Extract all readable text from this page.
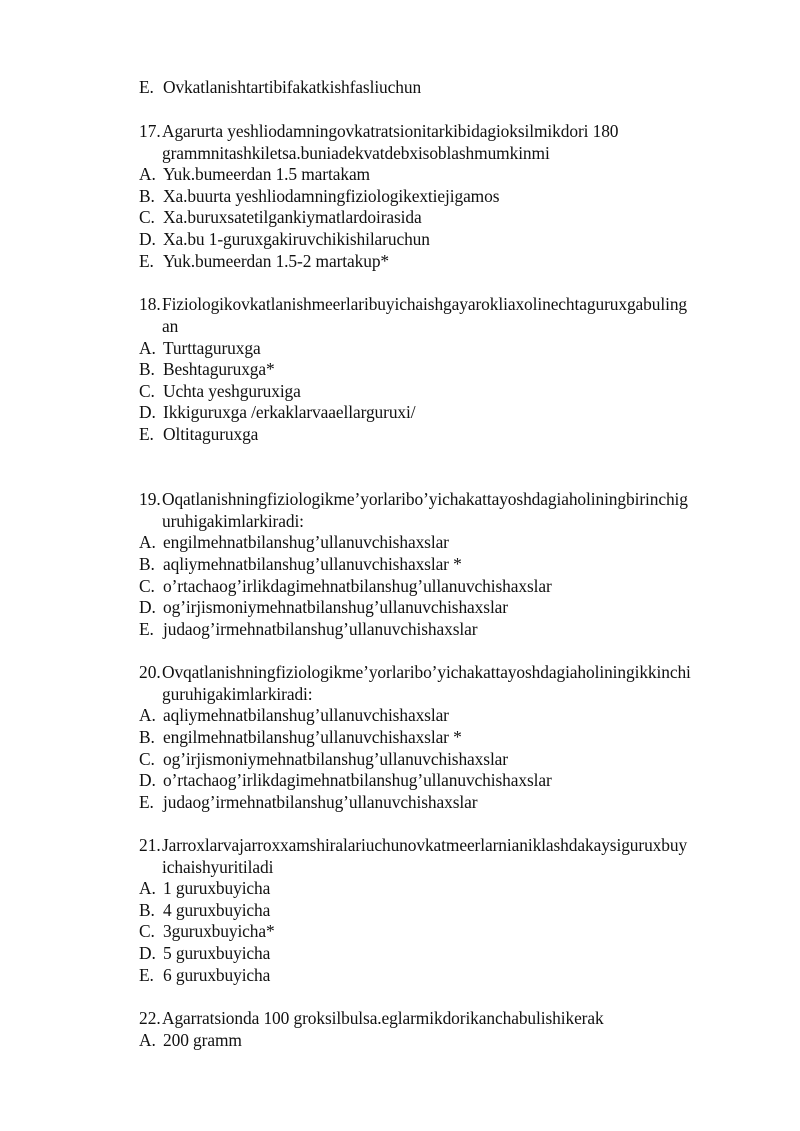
E. Ovkatlanishtartibifakatkishfasliuchun
17. Agarurta yeshliodamningovkatratsionitarkibidagioksilmikdori 180
grammnitashkiletsa.buniadekvatdebxisoblashmumkinmi
A. Yuk.bumeerdan 1.5 martakam
B. Xa.buurta yeshliodamningfiziologikextiejigamos
C. Xa.buruxsatetilgankiymatlardoirasida
D. Xa.bu 1-guruxgakiruvchikishilaruchun
E. Yuk.bumeerdan 1.5-2 martakup*
18. Fiziologikovkatlanishmeerlaribuyichaishgayarokliaxolinechtaguruxgabuling
an
A. Turttaguruxga
B. Beshtaguruxga*
C. Uchta yeshguruxiga
D. Ikkiguruxga /erkaklarvaaellarguruxi/
E. Oltitaguruxga
19. Oqatlanishningfiziologikme’yorlaribo’yichakattayoshdagiaholiningbirinchig
uruhigakimlarkiradi:
A. engilmehnatbilanshug’ullanuvchishaxslar
B. aqliymehnatbilanshug’ullanuvchishaxslar *
C. o’rtachaog’irlikdagimehnatbilanshug’ullanuvchishaxslar
D. og’irjismoniymehnatbilanshug’ullanuvchishaxslar
E. judaog’irmehnatbilanshug’ullanuvchishaxslar
20. Ovqatlanishningfiziologikme’yorlaribo’yichakattayoshdagiaholiningikkinchi
guruhigakimlarkiradi:
A. aqliymehnatbilanshug’ullanuvchishaxslar
B. engilmehnatbilanshug’ullanuvchishaxslar *
C. og’irjismoniymehnatbilanshug’ullanuvchishaxslar
D. o’rtachaog’irlikdagimehnatbilanshug’ullanuvchishaxslar
E. judaog’irmehnatbilanshug’ullanuvchishaxslar
21. Jarroxlarvajarroxxamshiralariuchunovkatmeerlarnianiklashdakaysiguruxbuy
ichaishyuritiladi
A. 1 guruxbuyicha
B. 4 guruxbuyicha
C. 3guruxbuyicha*
D. 5 guruxbuyicha
E. 6 guruxbuyicha
22. Agarratsionda 100 groksilbulsa.eglarmikdorikanchabulishikerak
A. 200 gramm
